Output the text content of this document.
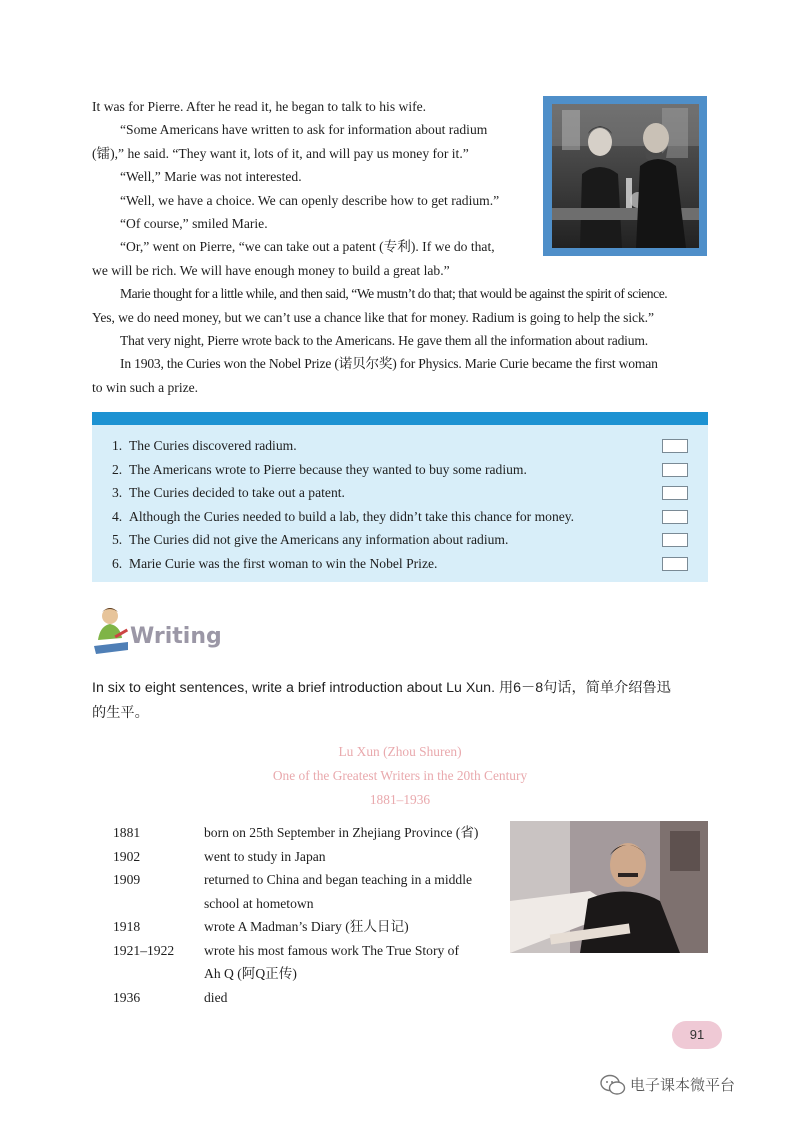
It was for Pierre. After he read it, he began to talk to his wife.

“Some Americans have written to ask for information about radium

(镭),” he said. “They want it, lots of it, and will pay us money for it.”

“Well,” Marie was not interested.

“Well, we have a choice. We can openly describe how to get radium.”

“Of course,” smiled Marie.

“Or,” went on Pierre, “we can take out a patent (专利). If we do that,

we will be rich. We will have enough money to build a great lab.”

Marie thought for a little while, and then said, “We mustn’t do that; that would be against the spirit of science.

Yes, we do need money, but we can’t use a chance like that for money. Radium is going to help the sick.”

That very night, Pierre wrote back to the Americans. He gave them all the information about radium.

In 1903, the Curies won the Nobel Prize (诺贝尔奖) for Physics. Marie Curie became the first woman

to win such a prize.

1. The Curies discovered radium.
2. The Americans wrote to Pierre because they wanted to buy some radium.
3. The Curies decided to take out a patent.
4. Although the Curies needed to build a lab, they didn’t take this chance for money.
5. The Curies did not give the Americans any information about radium.
6. Marie Curie was the first woman to win the Nobel Prize.
Writing
In six to eight sentences, write a brief introduction about Lu Xun. 用6－8句话，简单介绍鲁迅
的生平。
Lu Xun (Zhou Shuren)
One of the Greatest Writers in the 20th Century
1881–1936
1881	born on 25th September in Zhejiang Province (省)
1902	went to study in Japan
1909	returned to China and began teaching in a middle
school at hometown
1918	wrote A Madman’s Diary (狂人日记)
1921–1922	wrote his most famous work The True Story of
Ah Q (阿Q正传)
1936	died
91
电子课本微平台
